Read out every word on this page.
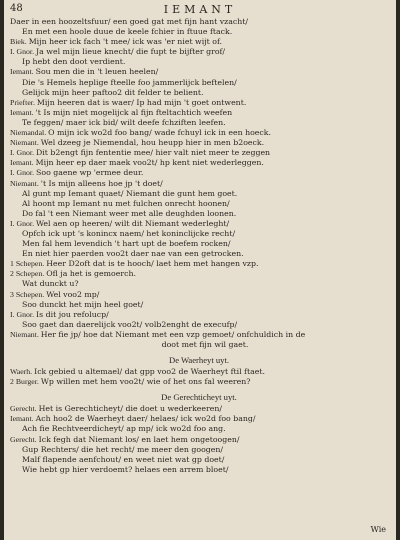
48	IEMANT
Daer in een hoozeltsfuur/ een goed gat met fijn hant vzacht/
En met een hoole duue de keele fchier in ftuue ftack.
Biek. Mijn heer ick fach 't mee/ ick was 'er niet wijt of.
I. Gnor. Ja wel mijn lieue knecht/ die fupt te bijfter grof/
Ip hebt den doot verdient.
Iemant. Sou men die in 't leuen heelen/
Die 's Hemels heplige fteelle foo jammerlijck beftelen/
Gelijck mijn heer paftoo2 dit felder te belient.
Priefter. Mijn heeren dat is waer/ Ip had mijn 't goet ontwent.
Iemant. 't Is mijn niet mogelijck al fijn fteltachtich weefen
Te feggen/ maer ick bid/ wilt deefe fchziften leefen.
Niemandal. O mijn ick wo2d foo bang/ wade fchuyl ick in een hoeck.
Niemant. Wel dzeeg je Niemendal, hou heupp hier in men b2oeck.
I. Gnor. Dit b2engt fijn fententie mee/ hier valt niet meer te zeggen
Iemant. Mijn heer ep daer maek voo2t/ hp kent niet wederleggen.
I. Gnor. Soo gaene wp 'ermee deur.
Niemant. 't Is mijn alleens hoe jp 't doet/
Al gunt mp Iemant quaet/ Niemant die gunt hem goet.
Al hoont mp Iemant nu met fulchen onrecht hoonen/
Do fal 't een Niemant weer met alle deughden loonen.
I. Gnor. Wel aen op heeren/ wilt dit Niemant wederleght/
Opfch ick upt 's konincx naem/ het koninclijcke recht/
Men fal hem levendich 't hart upt de boefem rocken/
En niet hier paerden voo2t daer nae van een getrocken.
1 Schepen. Heer D2oft dat is te hooch/ laet hem met hangen vzp.
2 Schepen. Ofl ja het is gemoerch.
Wat dunckt u?
3 Schepen. Wel voo2 mp/
Soo dunckt het mijn heel goet/
I. Gnor. Is dit jou refolucp/
Soo gaet dan daerelijck voo2t/ volb2enght de execufp/
Niemant. Her fie jp/ hoe dat Niemant met een vzp gemoet/ onfchuldich in de
doot met fijn wil gaet.
De Waerheyt uyt.
Waerh. Ick gebied u altemael/ dat gpp voo2 de Waerheyt ftil ftaet.
2 Burger. Wp willen met hem voo2t/ wie of het ons fal weeren?
De Gerechticheyt uyt.
Gerecht. Het is Gerechticheyt/ die doet u wederkeeren/
Iemant. Ach hoo2 de Waerheyt daer/ helaes/ ick wo2d foo bang/
Ach fie Rechtveerdicheyt/ ap mp/ ick wo2d foo ang.
Gerecht. Ick fegh dat Niemant los/ en laet hem ongetoogen/
Gup Rechters/ die het recht/ me meer den googen/
Malf flapende aenfchout/ en weet niet wat gp doet/
Wie hebt gp hier verdoemt? helaes een arrem bloet/
Wie
